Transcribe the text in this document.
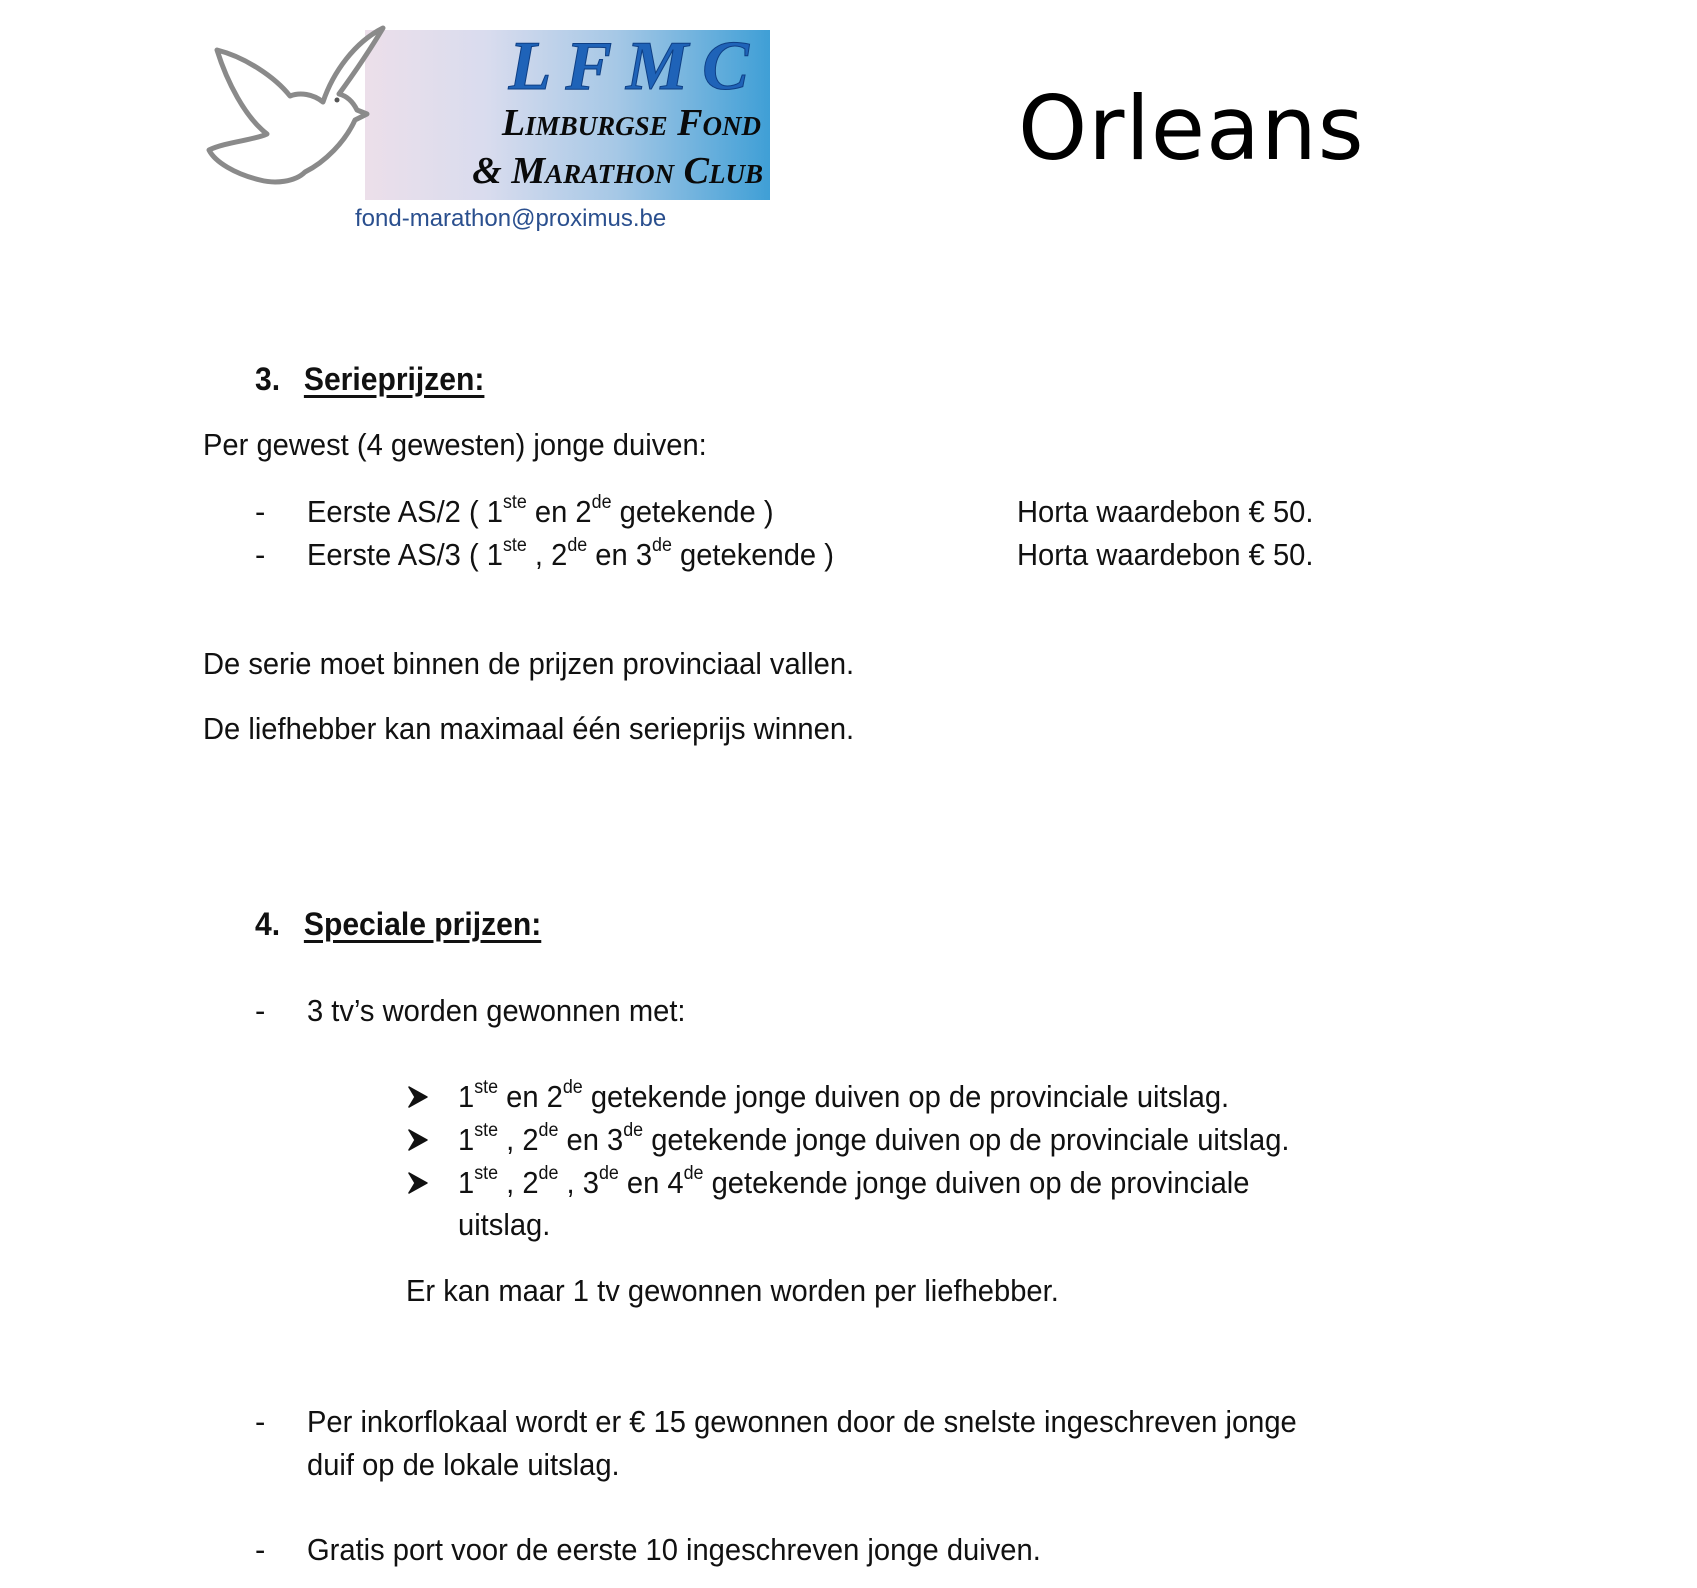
LFMC
Limburgse Fond
& Marathon Club
fond-marathon@proximus.be
Orleans
3. Serieprijzen:
Per gewest (4 gewesten) jonge duiven:
- Eerste AS/2 ( 1ste en 2de getekende )	Horta waardebon € 50.
- Eerste AS/3 ( 1ste , 2de en 3de getekende )	Horta waardebon € 50.
De serie moet binnen de prijzen provinciaal vallen.
De liefhebber kan maximaal één serieprijs winnen.
4. Speciale prijzen:
- 3 tv’s worden gewonnen met:
1ste en 2de getekende jonge duiven op de provinciale uitslag.
1ste , 2de en 3de getekende jonge duiven op de provinciale uitslag.
1ste , 2de , 3de en 4de getekende jonge duiven op de provinciale
uitslag.
Er kan maar 1 tv gewonnen worden per liefhebber.
- Per inkorflokaal wordt er € 15 gewonnen door de snelste ingeschreven jonge
duif op de lokale uitslag.
- Gratis port voor de eerste 10 ingeschreven jonge duiven.
